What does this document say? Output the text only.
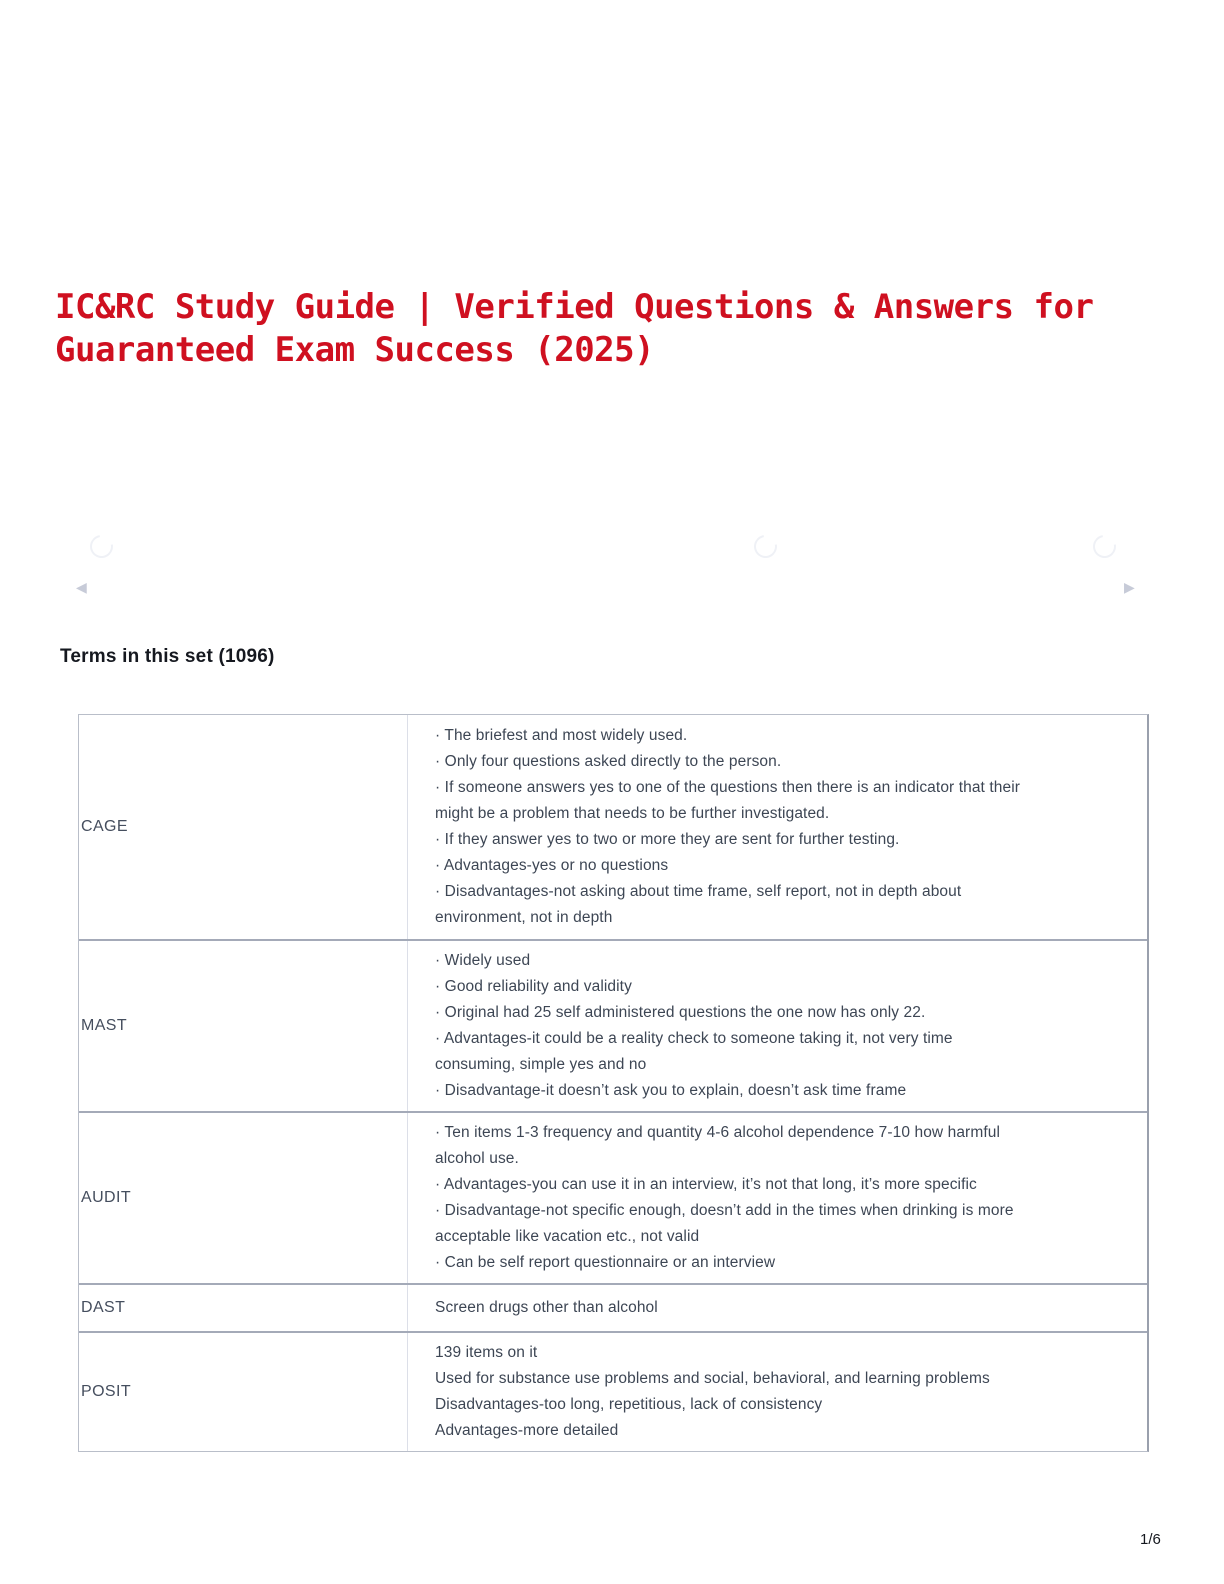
IC&RC Study Guide | Verified Questions & Answers for Guaranteed Exam Success (2025)
◀	▶
Terms in this set (1096)
CAGE

· The briefest and most widely used.

· Only four questions asked directly to the person.

· If someone answers yes to one of the questions then there is an indicator that their might be a problem that needs to be further investigated.

· If they answer yes to two or more they are sent for further testing.

· Advantages-yes or no questions

· Disadvantages-not asking about time frame, self report, not in depth about environment, not in depth

MAST

· Widely used

· Good reliability and validity

· Original had 25 self administered questions the one now has only 22.

· Advantages-it could be a reality check to someone taking it, not very time consuming, simple yes and no

· Disadvantage-it doesn’t ask you to explain, doesn’t ask time frame

AUDIT

· Ten items 1-3 frequency and quantity 4-6 alcohol dependence 7-10 how harmful alcohol use.

· Advantages-you can use it in an interview, it’s not that long, it’s more specific

· Disadvantage-not specific enough, doesn’t add in the times when drinking is more acceptable like vacation etc., not valid

· Can be self report questionnaire or an interview

DAST	Screen drugs other than alcohol

POSIT

139 items on it

Used for substance use problems and social, behavioral, and learning problems

Disadvantages-too long, repetitious, lack of consistency

Advantages-more detailed

1/6
